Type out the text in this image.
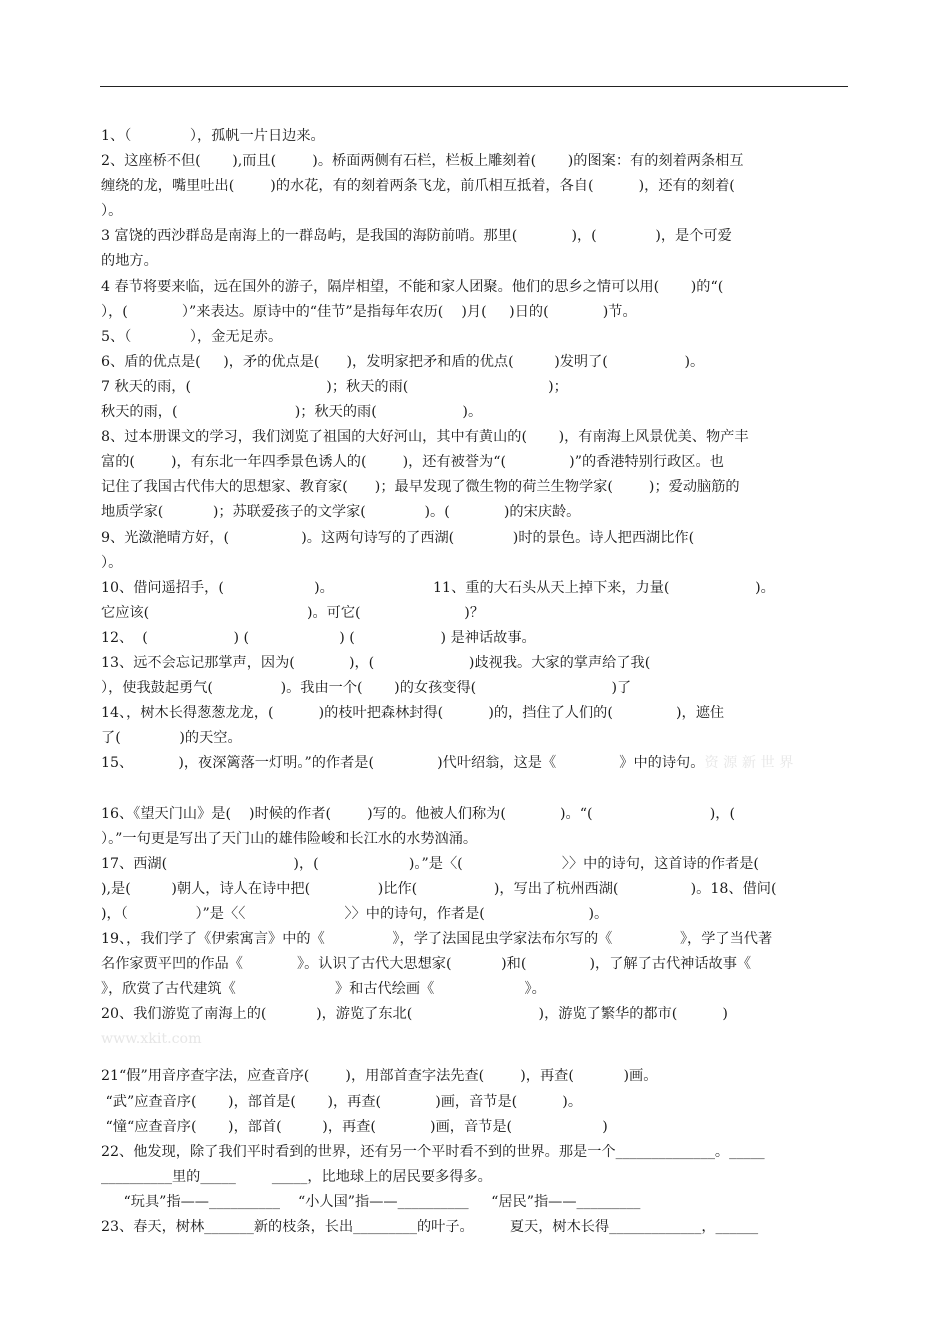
1、（             ），孤帆一片日边来。
2、这座桥不但(       ),而且(        )。桥面两侧有石栏，栏板上雕刻着(       )的图案：有的刻着两条相互
缠绕的龙，嘴里吐出(        )的水花，有的刻着两条飞龙，前爪相互抵着，各自(          )，还有的刻着(
）。
3 富饶的西沙群岛是南海上的一群岛屿，是我国的海防前哨。那里(            )，(             )，是个可爱
的地方。
4 春节将要来临，远在国外的游子，隔岸相望，不能和家人团聚。他们的思乡之情可以用(       )的“(
），(            ）”来表达。原诗中的“佳节”是指每年农历(    )月(     )日的(            )节。
5、（             ），金无足赤。
6、盾的优点是(     )，矛的优点是(      )，发明家把矛和盾的优点(         )发明了(                 )。
7 秋天的雨，(                              )；秋天的雨(                               )；
秋天的雨，(                          )；秋天的雨(                   )。
8、过本册课文的学习，我们浏览了祖国的大好河山，其中有黄山的(       )，有南海上风景优美、物产丰
富的(        )，有东北一年四季景色诱人的(        )，还有被誉为“(              )”的香港特别行政区。也
记住了我国古代伟大的思想家、教育家(      )；最早发现了微生物的荷兰生物学家(        )；爱动脑筋的
地质学家(           )；苏联爱孩子的文学家(             )。(            )的宋庆龄。
9、光潋滟晴方好，(                )。这两句诗写的了西湖(             )时的景色。诗人把西湖比作(
）。
10、借问遥招手，(                    )。                      11、重的大石头从天上掉下来，力量(                   )。
它应该(                                   )。可它(                       )？
12、  (                   ) (                    ) (                   ) 是神话故事。
13、远不会忘记那掌声，因为(            )，(                     )歧视我。大家的掌声给了我(
），使我鼓起勇气(               )。我由一个(       )的女孩变得(                              )了
14、，树木长得葱葱龙龙，(          )的枝叶把森林封得(          )的，挡住了人们的(              )，遮住
了(             )的天空。
15、          )，夜深篱落一灯明。”的作者是(              )代叶绍翁，这是《              》中的诗句。资 源 新 世 界
16、《望天门山》是(    )时候的作者(        )写的。他被人们称为(            )。“(                          )，(
）。”一句更是写出了天门山的雄伟险峻和长江水的水势汹涌。
17、西湖(                            )，(                    )。”是〈(                      〉〉中的诗句，这首诗的作者是(
),是(         )朝人，诗人在诗中把(               )比作(                 )，写出了杭州西湖(                )。18、借问(
)，（               ）”是〈〈                      〉〉中的诗句，作者是(                       )。
19、，我们学了《伊索寓言》中的《               》，学了法国昆虫学家法布尔写的《               》，学了当代著
名作家贾平凹的作品《            》。认识了古代大思想家(           )和(              )，了解了古代神话故事《
》，欣赏了古代建筑《                      》和古代绘画《                    》。
20、我们游览了南海上的(           )，游览了东北(                            )，游览了繁华的都市(          )
www.xkit.com
21“假”用音序查字法，应查音序(        )，用部首查字法先查(        )，再查(           )画。
“武”应查音序(       )，部首是(       )，再查(            )画，音节是(          )。
“憧“应查音序(       )，部首(         )，再查(            )画，音节是(                    )
22、他发现，除了我们平时看到的世界，还有另一个平时看不到的世界。那是一个______________。_____
__________里的_____        _____，比地球上的居民要多得多。
“玩具”指——__________    “小人国”指——__________     “居民”指——_________
23、春天，树林_______新的枝条，长出_________的叶子。        夏天，树木长得_____________，______
